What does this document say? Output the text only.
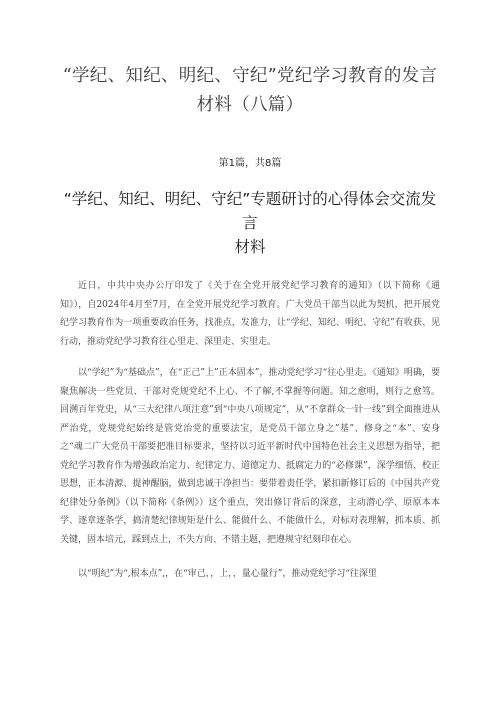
“学纪、知纪、明纪、守纪”党纪学习教育的发言
材料（八篇）
第1篇，共8篇
“学纪、知纪、明纪、守纪”专题研讨的心得体会交流发言
材料

近日，中共中央办公厅印发了《关于在全党开展党纪学习教育的通知》（以下简称《通知》），自2024年4月至7月，在全党开展党纪学习教育。广大党员干部当以此为契机，把开展党纪学习教育作为一项重要政治任务，找准点，发准力，让“学纪、知纪、明纪、守纪”有收获、见行动，推动党纪学习教育往心里走、深里走、实里走。

以“学纪”为“基础点”，在“正己”上”正本固本”，推动党纪学习“往心里走。《通知》明确，要聚焦解决一些党员、干部对党规党纪不上心、不了解,不掌握等问题。知之愈明，则行之愈笃。回溯百年党史，从“三大纪律八项注意”到“中央八项规定”，从“不拿群众一针一线”到全面推进从严治党，党规党纪始终是管党治党的重要法宝，是党员干部立身之”基”、修身之“本”、安身之“魂二广大党员干部要把准目标要求，坚持以习近平新时代中国特色社会主义思想为指导，把党纪学习教育作为增强政治定力、纪律定力、道德定力、抵腐定力的“必修课”，深学细悟、校正思想，正本清源、提神醒脑，做到忠诚干净担当：要带着责任学，紧扣新修订后的《中国共产党纪律处分条例》（以下简称《条例》）这个重点，突出修订背后的深意，主动潜心学、原原本本学、逐章逐条学，搞清楚纪律规矩是什么、能做什么、不能做什么，对标对表理解，抓本质、抓关键，固本培元，踩到点上，不失方向、不错主题，把遵规守纪刻印在心。

以“明纪”为“,根本点”,，在“审己，，上，，量心量行”，推动党纪学习“往深里
